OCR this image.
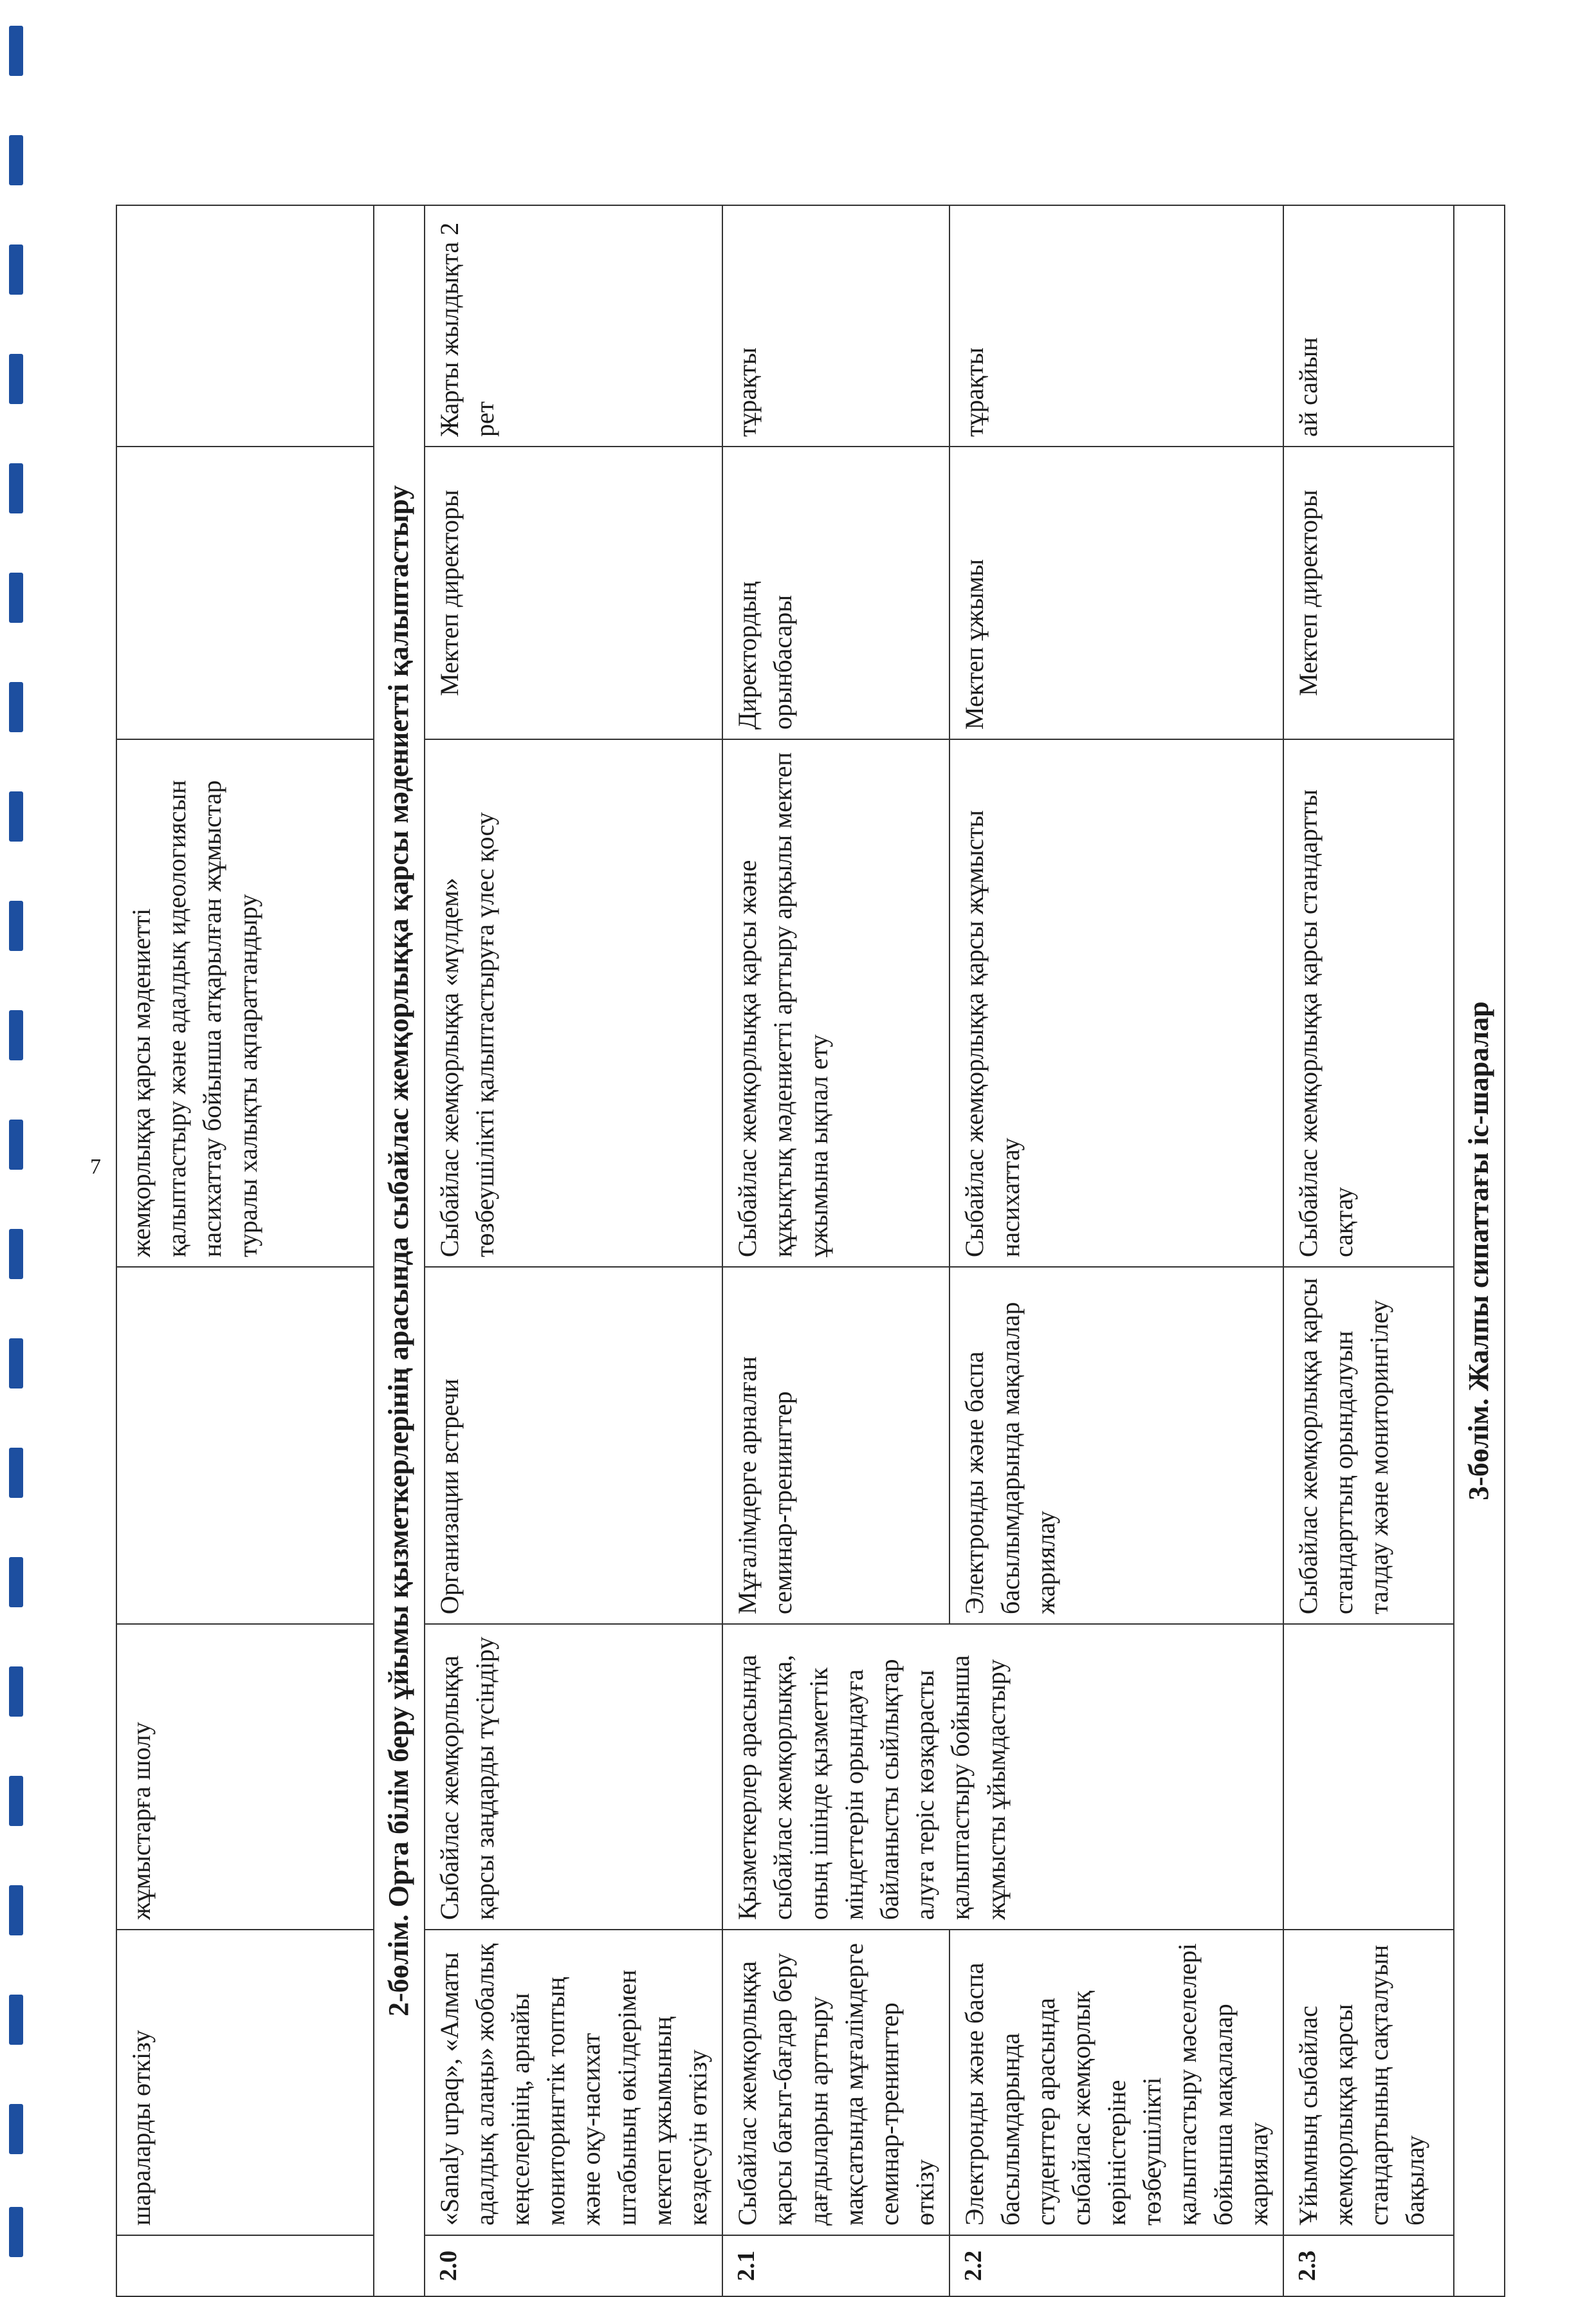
7
	шараларды өткізу	жұмыстарға шолу		жемқорлыққа қарсы мәдениетті қалыптастыру және адалдық идеологиясын насихаттау бойынша атқарылған жұмыстар туралы халықты ақпараттандыру		
2-бөлім. Орта білім беру ұйымы қызметкерлерінің арасында сыбайлас жемқорлыққа қарсы мәдениетті қалыптастыру						
2.0	«Sanaly urpaq», «Алматы адалдық алаңы» жобалық кеңселерінің, арнайы мониторингтік топтың және оқу-насихат штабының өкілдерімен мектеп ұжымының кездесуін өткізу	Сыбайлас жемқорлыққа қарсы заңдарды түсіндіру	Организации встречи	Сыбайлас жемқорлыққа «мүлдем» төзбеушілікті қалыптастыруға үлес қосу	Мектеп директоры	Жарты жылдықта 2 рет
2.1	Сыбайлас жемқорлыққа қарсы бағыт-бағдар беру дағдыларын арттыру мақсатында мұғалімдерге семинар-тренингтер өткізу	Қызметкерлер арасында сыбайлас жемқорлыққа, оның ішінде қызметтік міндеттерін орындауға байланысты сыйлықтар алуға теріс көзқарасты қалыптастыру бойынша жұмысты ұйымдастыру	Мұғалімдерге арналған семинар-тренингтер	Сыбайлас жемқорлыққа қарсы және құқықтық мәдениетті арттыру арқылы мектеп ұжымына ықпал ету	Директордың орынбасары	тұрақты
2.2	Электронды және баспа басылымдарында студенттер арасында сыбайлас жемқорлық көріністеріне төзбеушілікті қалыптастыру мәселелері бойынша мақалалар жариялау		Электронды және баспа басылымдарында мақалалар жариялау	Сыбайлас жемқорлыққа қарсы жұмысты насихаттау	Мектеп ұжымы	тұрақты
2.3	Ұйымның сыбайлас жемқорлыққа қарсы стандартының сақталуын бақылау		Сыбайлас жемқорлыққа қарсы стандарттың орындалуын талдау және мониторингілеу	Сыбайлас жемқорлыққа қарсы стандартты сақтау	Мектеп директоры	ай сайын
3-бөлім. Жалпы сипаттағы іс-шаралар						
